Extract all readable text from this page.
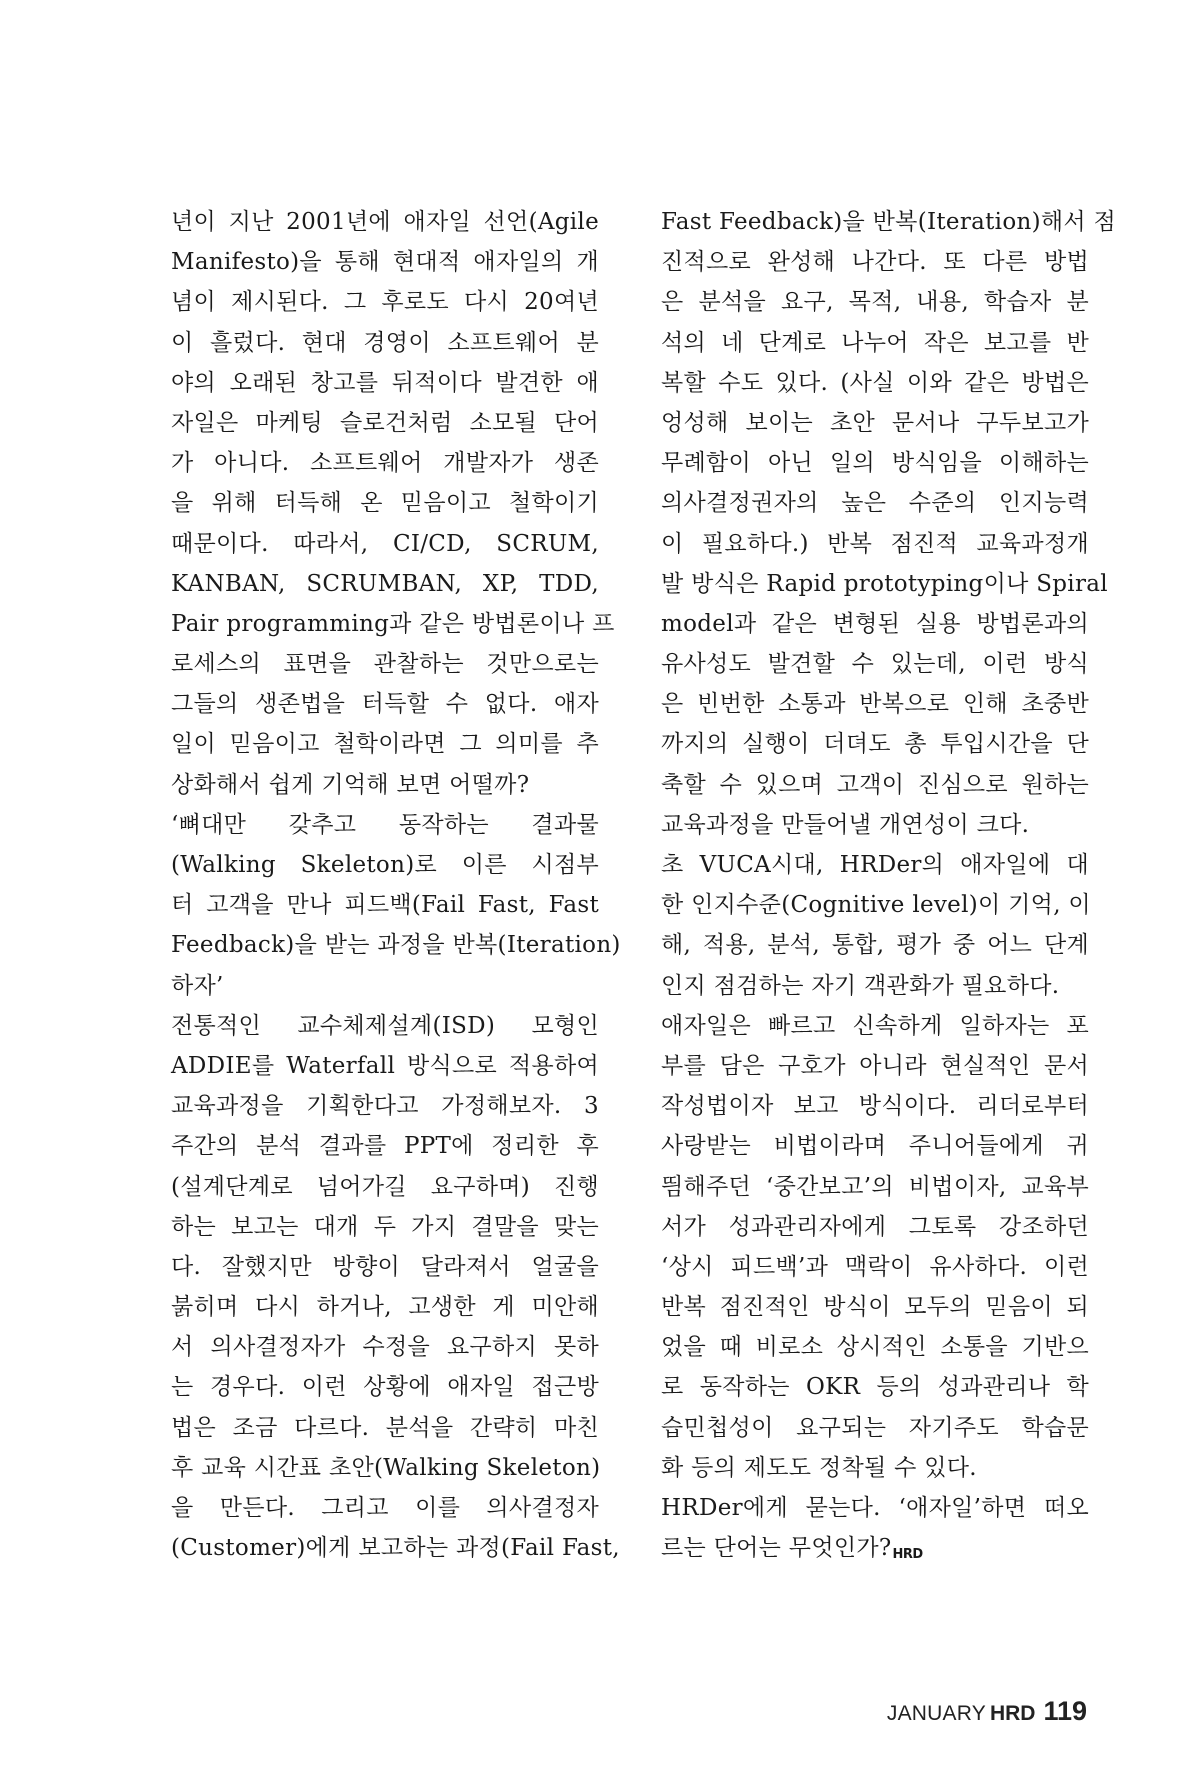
년이 지난 2001년에 애자일 선언(Agile
Manifesto)을 통해 현대적 애자일의 개
념이 제시된다. 그 후로도 다시 20여년
이 흘렀다. 현대 경영이 소프트웨어 분
야의 오래된 창고를 뒤적이다 발견한 애
자일은 마케팅 슬로건처럼 소모될 단어
가 아니다. 소프트웨어 개발자가 생존
을 위해 터득해 온 믿음이고 철학이기
때문이다. 따라서, CI/CD, SCRUM,
KANBAN, SCRUMBAN, XP, TDD,
Pair programming과 같은 방법론이나 프
로세스의 표면을 관찰하는 것만으로는
그들의 생존법을 터득할 수 없다. 애자
일이 믿음이고 철학이라면 그 의미를 추
상화해서 쉽게 기억해 보면 어떨까?
‘뼈대만 갖추고 동작하는 결과물
(Walking Skeleton)로 이른 시점부
터 고객을 만나 피드백(Fail Fast, Fast
Feedback)을 받는 과정을 반복(Iteration)
하자’
전통적인 교수체제설계(ISD) 모형인
ADDIE를 Waterfall 방식으로 적용하여
교육과정을 기획한다고 가정해보자. 3
주간의 분석 결과를 PPT에 정리한 후
(설계단계로 넘어가길 요구하며) 진행
하는 보고는 대개 두 가지 결말을 맞는
다. 잘했지만 방향이 달라져서 얼굴을
붉히며 다시 하거나, 고생한 게 미안해
서 의사결정자가 수정을 요구하지 못하
는 경우다. 이런 상황에 애자일 접근방
법은 조금 다르다. 분석을 간략히 마친
후 교육 시간표 초안(Walking Skeleton)
을 만든다. 그리고 이를 의사결정자
(Customer)에게 보고하는 과정(Fail Fast,
Fast Feedback)을 반복(Iteration)해서 점
진적으로 완성해 나간다. 또 다른 방법
은 분석을 요구, 목적, 내용, 학습자 분
석의 네 단계로 나누어 작은 보고를 반
복할 수도 있다. (사실 이와 같은 방법은
엉성해 보이는 초안 문서나 구두보고가
무례함이 아닌 일의 방식임을 이해하는
의사결정권자의 높은 수준의 인지능력
이 필요하다.) 반복 점진적 교육과정개
발 방식은 Rapid prototyping이나 Spiral
model과 같은 변형된 실용 방법론과의
유사성도 발견할 수 있는데, 이런 방식
은 빈번한 소통과 반복으로 인해 초중반
까지의 실행이 더뎌도 총 투입시간을 단
축할 수 있으며 고객이 진심으로 원하는
교육과정을 만들어낼 개연성이 크다.
초 VUCA시대, HRDer의 애자일에 대
한 인지수준(Cognitive level)이 기억, 이
해, 적용, 분석, 통합, 평가 중 어느 단계
인지 점검하는 자기 객관화가 필요하다.
애자일은 빠르고 신속하게 일하자는 포
부를 담은 구호가 아니라 현실적인 문서
작성법이자 보고 방식이다. 리더로부터
사랑받는 비법이라며 주니어들에게 귀
띔해주던 ‘중간보고’의 비법이자, 교육부
서가 성과관리자에게 그토록 강조하던
‘상시 피드백’과 맥락이 유사하다. 이런
반복 점진적인 방식이 모두의 믿음이 되
었을 때 비로소 상시적인 소통을 기반으
로 동작하는 OKR 등의 성과관리나 학
습민첩성이 요구되는 자기주도 학습문
화 등의 제도도 정착될 수 있다.
HRDer에게 묻는다. ‘애자일’하면 떠오
르는 단어는 무엇인가?HRD
JANUARY HRD 119
